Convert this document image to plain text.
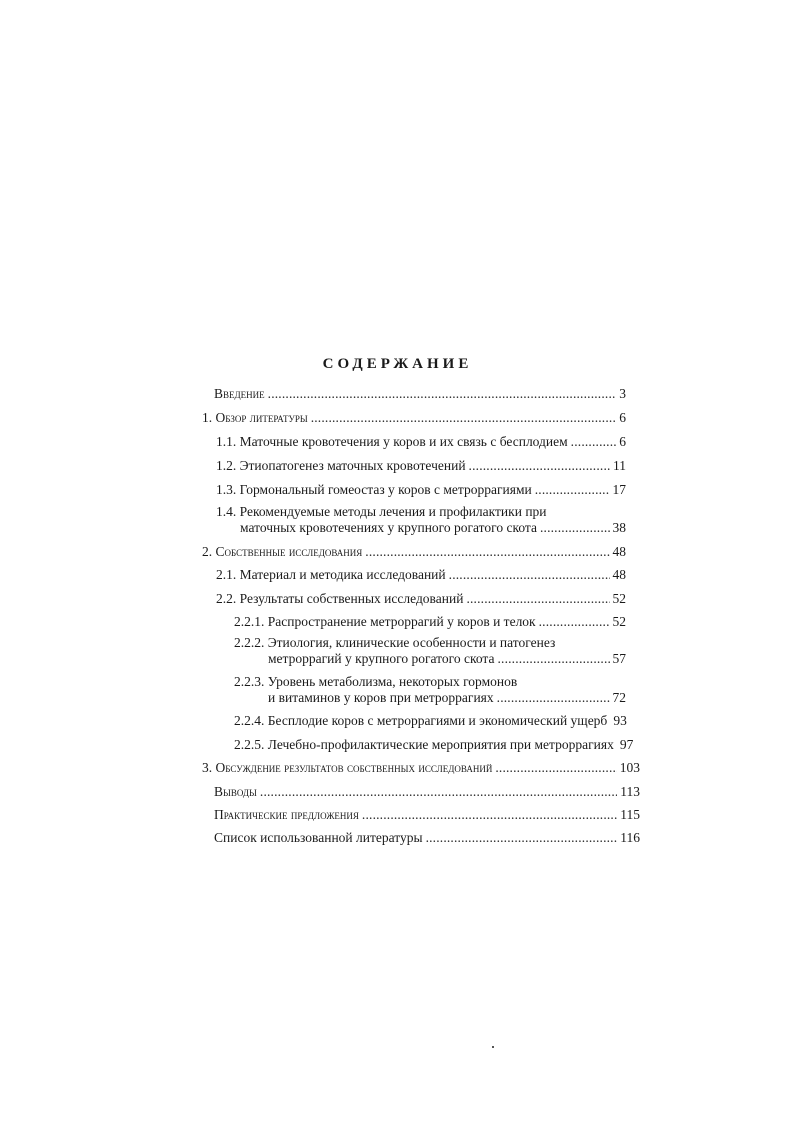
СОДЕРЖАНИЕ
Введение . . .	3
1. Обзор литературы . . .	6
1.1. Маточные кровотечения у коров и их связь с бесплодием . . .	6
1.2. Этиопатогенез маточных кровотечений . . .	11
1.3. Гормональный гомеостаз у коров с метроррагиями . . .	17
1.4. Рекомендуемые методы лечения и профилактики при
маточных кровотечениях у крупного рогатого скота . . .	38
2. Собственные исследования . . .	48
2.1. Материал и методика исследований . . .	48
2.2. Результаты собственных исследований . . .	52
2.2.1. Распространение метроррагий у коров и телок . . .	52
2.2.2. Этиология, клинические особенности и патогенез
метроррагий у крупного рогатого скота . . .	57
2.2.3. Уровень метаболизма, некоторых гормонов
и витаминов у коров при метроррагиях . . .	72
2.2.4. Бесплодие коров с метроррагиями и экономический ущерб 93
2.2.5. Лечебно-профилактические мероприятия при метроррагиях 97
3. Обсуждение результатов собственных исследований . . .	103
Выводы . . .	113
Практические предложения . . .	115
Список использованной литературы . . .	116
